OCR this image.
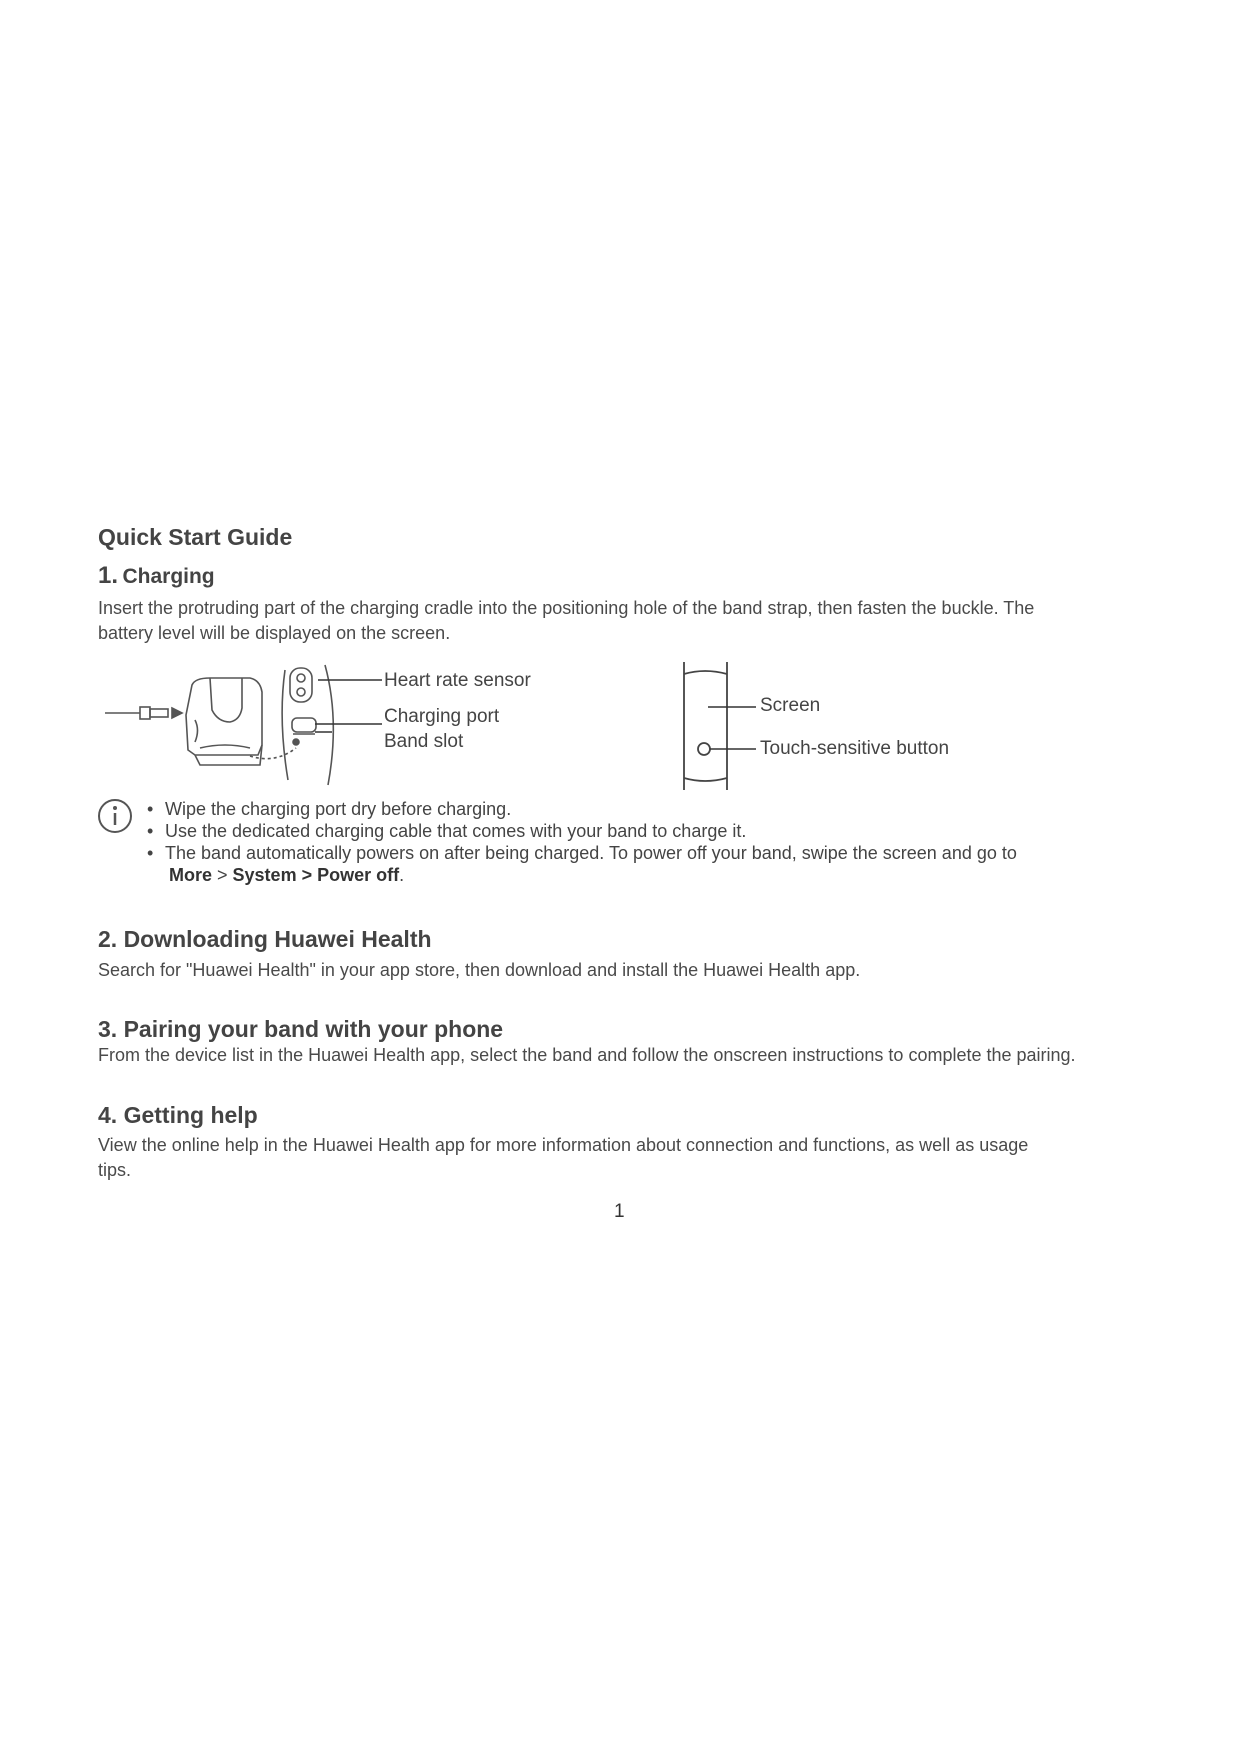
Quick Start Guide
1. Charging
Insert the protruding part of the charging cradle into the positioning hole of the band strap, then fasten the buckle. The
battery level will be displayed on the screen.
Heart rate sensor
Charging port
Band slot
Screen
Touch-sensitive button
• Wipe the charging port dry before charging.
• Use the dedicated charging cable that comes with your band to charge it.
• The band automatically powers on after being charged. To power off your band, swipe the screen and go to
More > System > Power off.
2. Downloading Huawei Health
Search for "Huawei Health" in your app store, then download and install the Huawei Health app.
3. Pairing your band with your phone
From the device list in the Huawei Health app, select the band and follow the onscreen instructions to complete the pairing.
4. Getting help
View the online help in the Huawei Health app for more information about connection and functions, as well as usage
tips.
1
